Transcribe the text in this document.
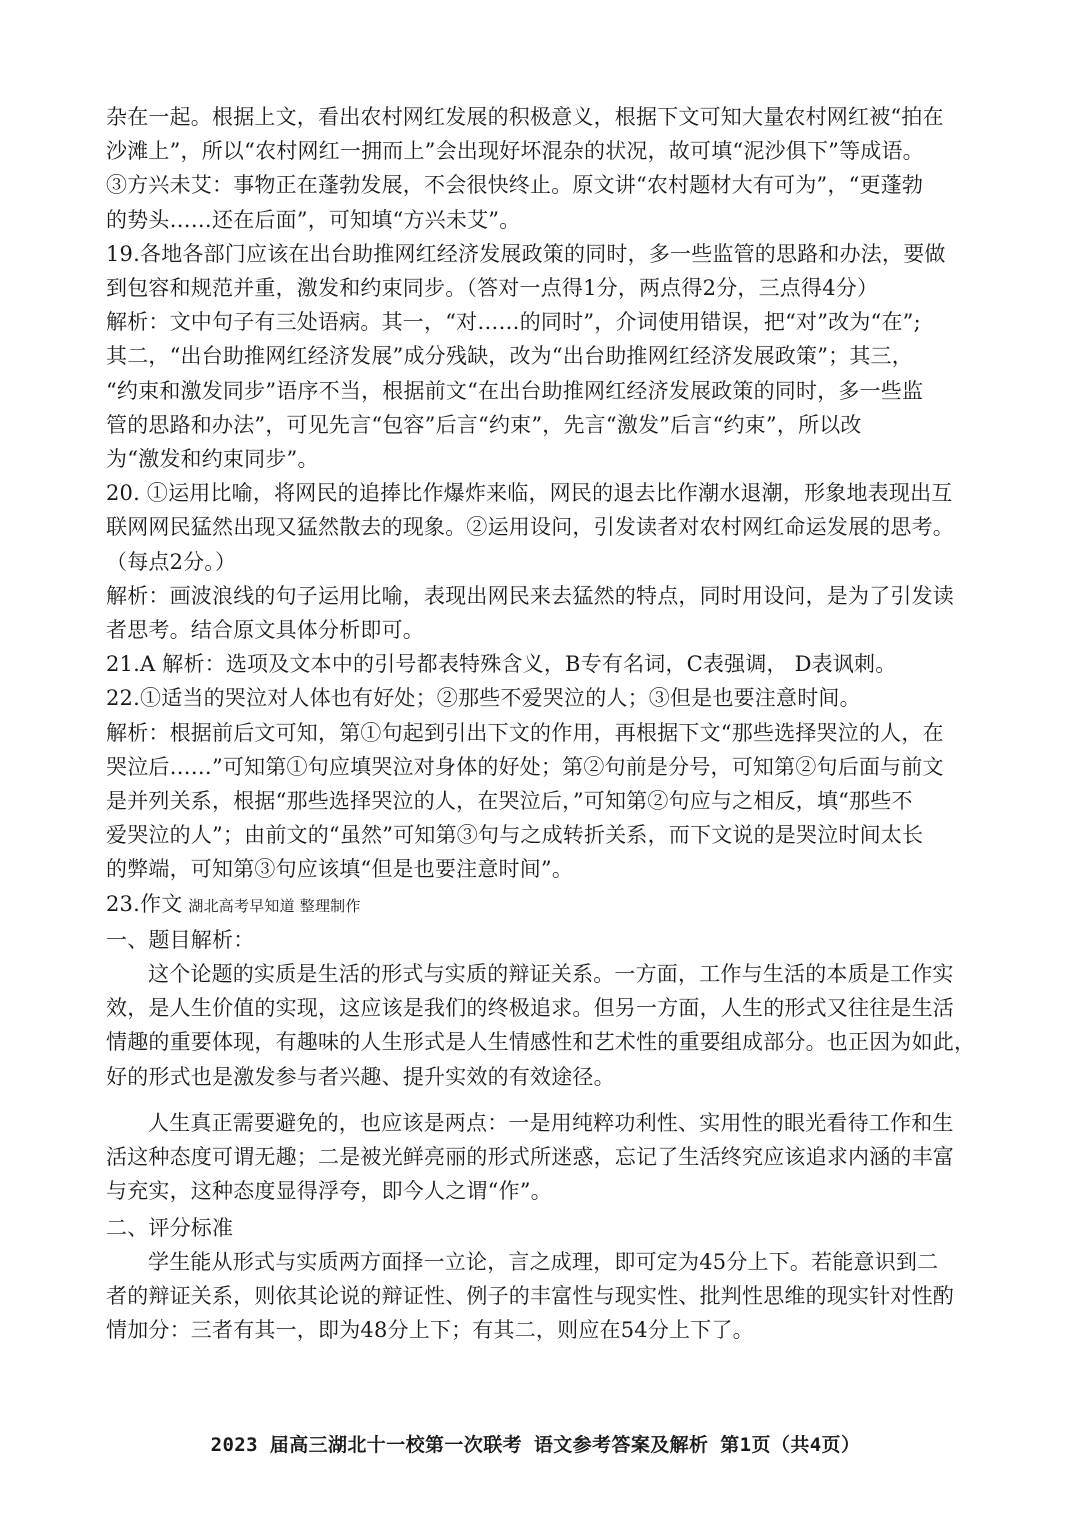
杂在一起。根据上文，看出农村网红发展的积极意义，根据下文可知大量农村网红被“拍在

沙滩上”，所以“农村网红一拥而上”会出现好坏混杂的状况，故可填“泥沙俱下”等成语。

③方兴未艾：事物正在蓬勃发展，不会很快终止。原文讲“农村题材大有可为”，“更蓬勃

的势头……还在后面”，可知填“方兴未艾”。

19.各地各部门应该在出台助推网红经济发展政策的同时，多一些监管的思路和办法，要做

到包容和规范并重，激发和约束同步。（答对一点得1分，两点得2分，三点得4分）

解析：文中句子有三处语病。其一，“对……的同时”，介词使用错误，把“对”改为“在”;

其二，“出台助推网红经济发展”成分残缺，改为“出台助推网红经济发展政策”；其三，

“约束和激发同步”语序不当，根据前文“在出台助推网红经济发展政策的同时，多一些监

管的思路和办法”，可见先言“包容”后言“约束”，先言“激发”后言“约束”，所以改

为“激发和约束同步”。

20. ①运用比喻，将网民的追捧比作爆炸来临，网民的退去比作潮水退潮，形象地表现出互

联网网民猛然出现又猛然散去的现象。②运用设问，引发读者对农村网红命运发展的思考。

（每点2分。）

解析：画波浪线的句子运用比喻，表现出网民来去猛然的特点，同时用设问，是为了引发读

者思考。结合原文具体分析即可。

21.A 解析：选项及文本中的引号都表特殊含义，B专有名词，C表强调， D表讽刺。

22.①适当的哭泣对人体也有好处；②那些不爱哭泣的人；③但是也要注意时间。

解析：根据前后文可知，第①句起到引出下文的作用，再根据下文“那些选择哭泣的人，在

哭泣后……”可知第①句应填哭泣对身体的好处；第②句前是分号，可知第②句后面与前文

是并列关系，根据“那些选择哭泣的人，在哭泣后，”可知第②句应与之相反，填“那些不

爱哭泣的人”；由前文的“虽然”可知第③句与之成转折关系，而下文说的是哭泣时间太长

的弊端，可知第③句应该填“但是也要注意时间”。

23.作文 湖北高考早知道 整理制作

一、题目解析：

这个论题的实质是生活的形式与实质的辩证关系。一方面，工作与生活的本质是工作实

效，是人生价值的实现，这应该是我们的终极追求。但另一方面，人生的形式又往往是生活

情趣的重要体现，有趣味的人生形式是人生情感性和艺术性的重要组成部分。也正因为如此，

好的形式也是激发参与者兴趣、提升实效的有效途径。

人生真正需要避免的，也应该是两点：一是用纯粹功利性、实用性的眼光看待工作和生

活这种态度可谓无趣；二是被光鲜亮丽的形式所迷惑，忘记了生活终究应该追求内涵的丰富

与充实，这种态度显得浮夸，即今人之谓“作”。

二、评分标准

学生能从形式与实质两方面择一立论，言之成理，即可定为45分上下。若能意识到二

者的辩证关系，则依其论说的辩证性、例子的丰富性与现实性、批判性思维的现实针对性酌

情加分：三者有其一，即为48分上下；有其二，则应在54分上下了。

2023 届高三湖北十一校第一次联考 语文参考答案及解析 第1页（共4页）
